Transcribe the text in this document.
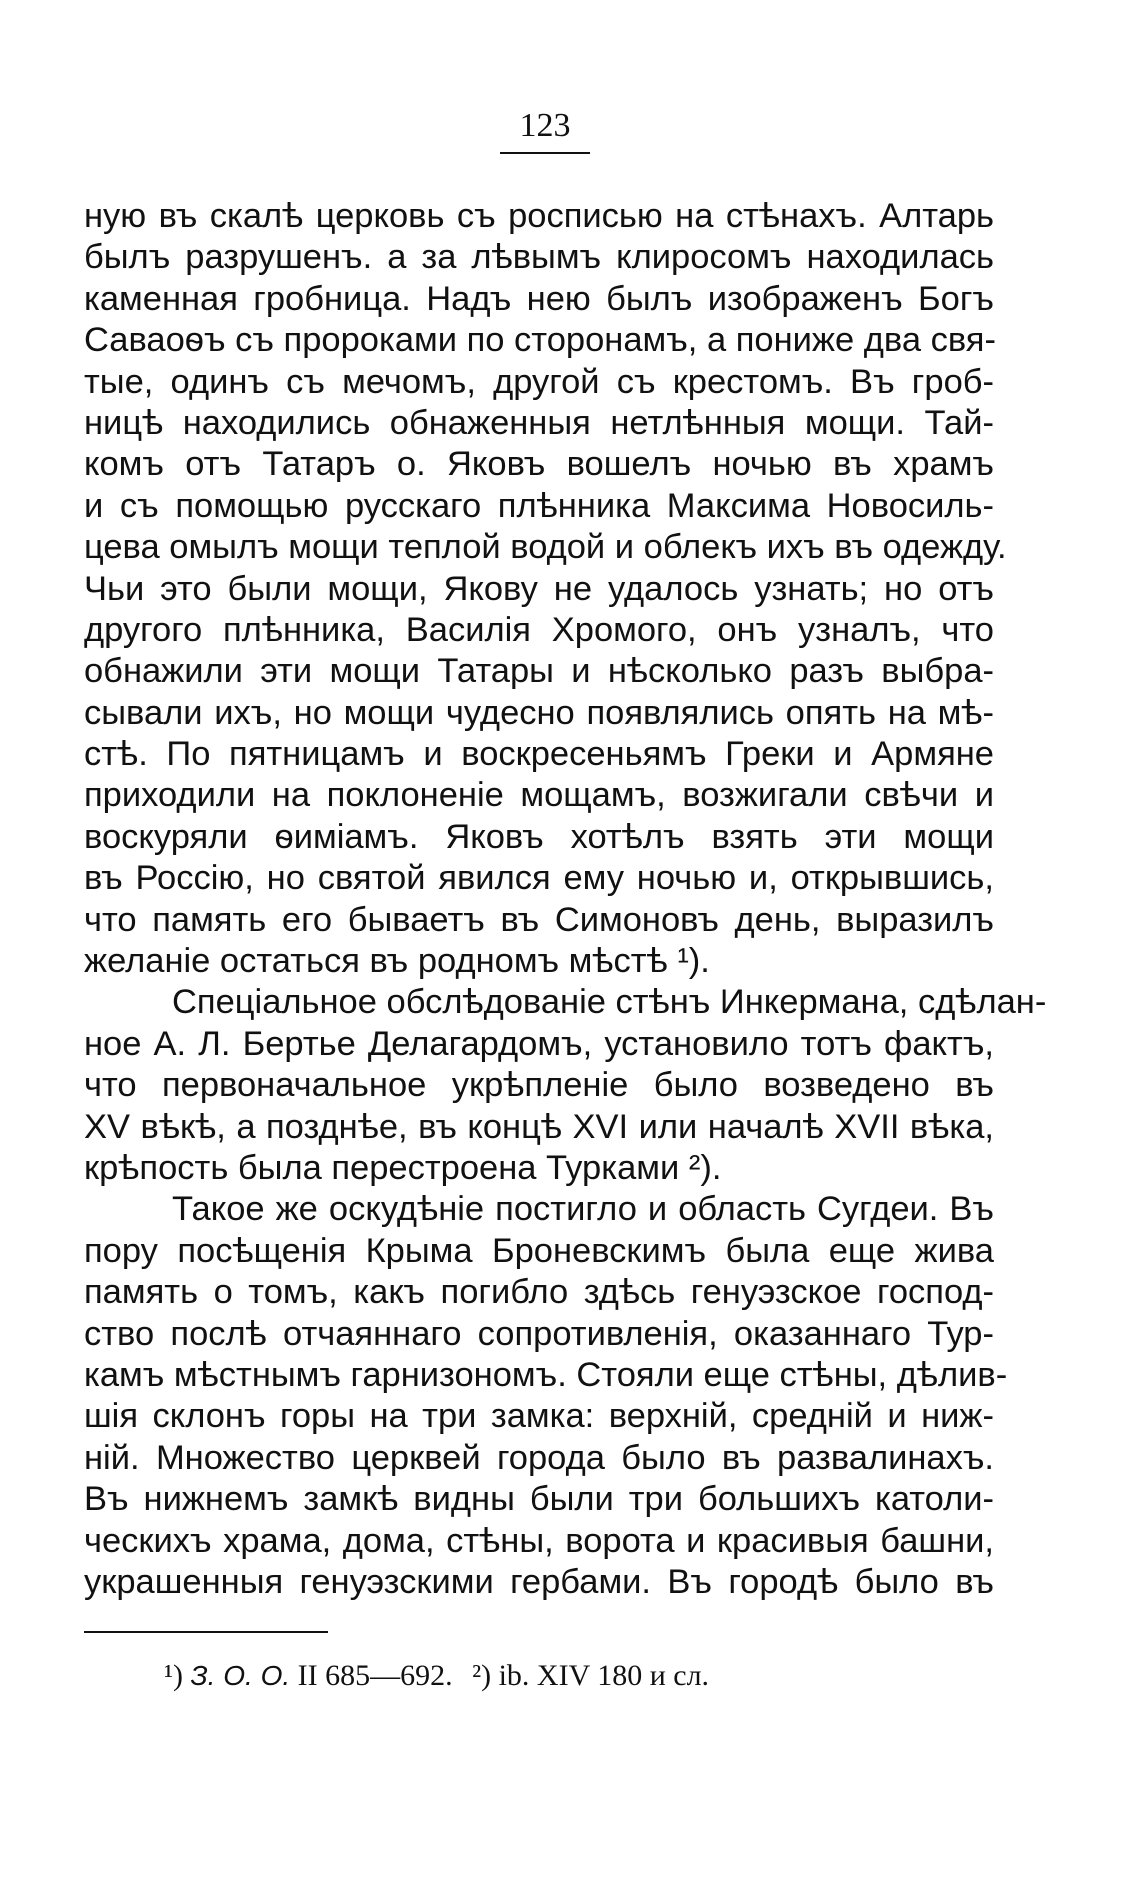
123
ную въ скалѣ церковь съ росписью на стѣнахъ. Алтарь
былъ разрушенъ. а за лѣвымъ клиросомъ находилась
каменная гробница. Надъ нею былъ изображенъ Богъ
Саваоѳъ съ пророками по сторонамъ, а пониже два свя-
тые, одинъ съ мечомъ, другой съ крестомъ. Въ гроб-
ницѣ находились обнаженныя нетлѣнныя мощи. Тай-
комъ отъ Татаръ о. Яковъ вошелъ ночью въ храмъ
и съ помощью русскаго плѣнника Максима Новосиль-
цева омылъ мощи теплой водой и облекъ ихъ въ одежду.
Чьи это были мощи, Якову не удалось узнать; но отъ
другого плѣнника, Василія Хромого, онъ узналъ, что
обнажили эти мощи Татары и нѣсколько разъ выбра-
сывали ихъ, но мощи чудесно появлялись опять на мѣ-
стѣ. По пятницамъ и воскресеньямъ Греки и Армяне
приходили на поклоненіе мощамъ, возжигали свѣчи и
воскуряли ѳиміамъ. Яковъ хотѣлъ взять эти мощи
въ Россію, но святой явился ему ночью и, открывшись,
что память его бываетъ въ Симоновъ день, выразилъ
желаніе остаться въ родномъ мѣстѣ ¹).
Спеціальное обслѣдованіе стѣнъ Инкермана, сдѣлан-
ное А. Л. Бертье Делагардомъ, установило тотъ фактъ,
что первоначальное укрѣпленіе было возведено въ
XV вѣкѣ, а позднѣе, въ концѣ XVI или началѣ XVII вѣка,
крѣпость была перестроена Турками ²).
Такое же оскудѣніе постигло и область Сугдеи. Въ
пору посѣщенія Крыма Броневскимъ была еще жива
память о томъ, какъ погибло здѣсь генуэзское господ-
ство послѣ отчаяннаго сопротивленія, оказаннаго Тур-
камъ мѣстнымъ гарнизономъ. Стояли еще стѣны, дѣлив-
шія склонъ горы на три замка: верхній, средній и ниж-
ній. Множество церквей города было въ развалинахъ.
Въ нижнемъ замкѣ видны были три большихъ католи-
ческихъ храма, дома, стѣны, ворота и красивыя башни,
украшенныя генуэзскими гербами. Въ городѣ было въ
¹) З. О. О. II 685—692. ²) ib. XIV 180 и сл.
